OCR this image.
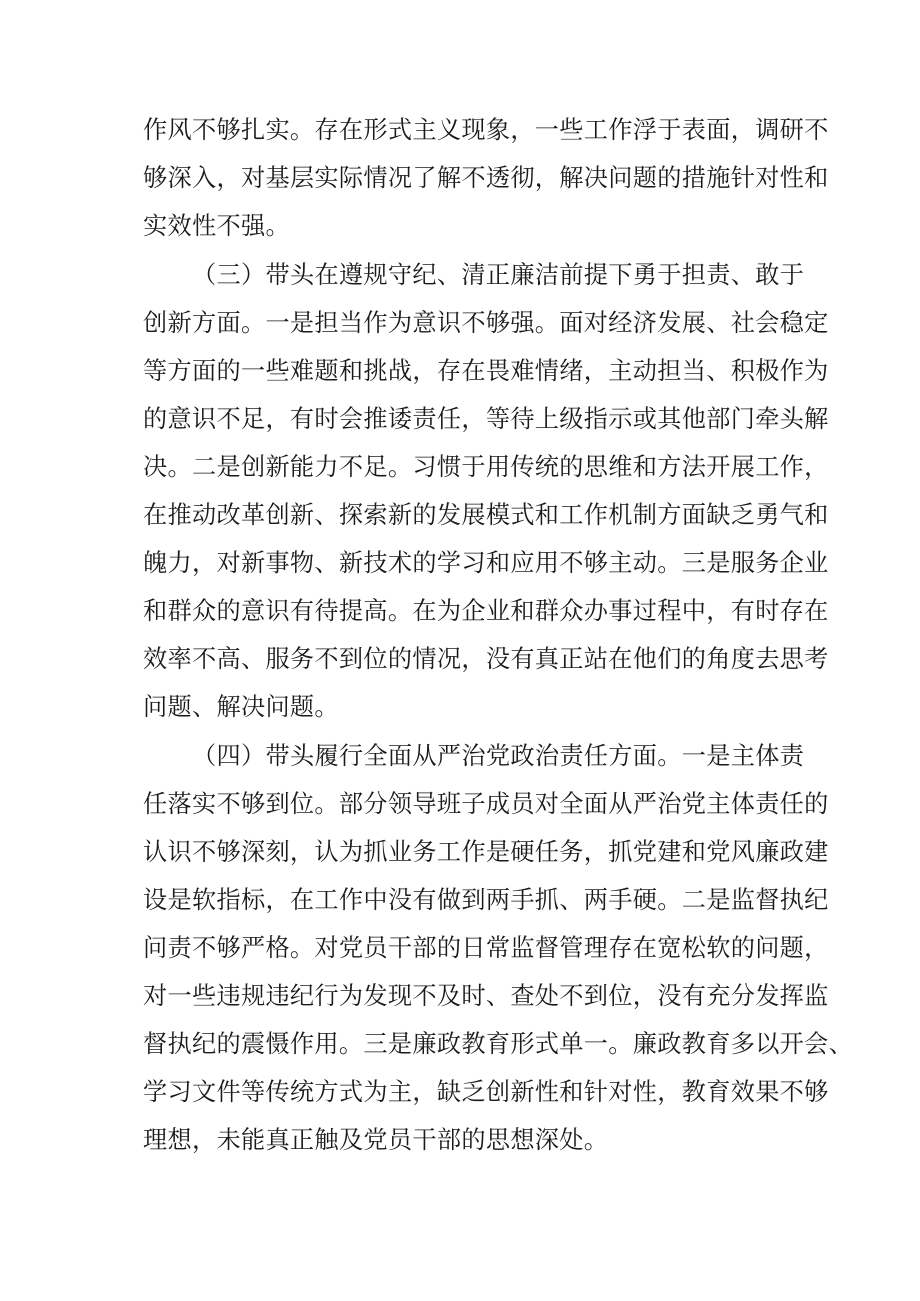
作风不够扎实。存在形式主义现象，一些工作浮于表面，调研不
够深入，对基层实际情况了解不透彻，解决问题的措施针对性和
实效性不强。
（三）带头在遵规守纪、清正廉洁前提下勇于担责、敢于
创新方面。一是担当作为意识不够强。面对经济发展、社会稳定
等方面的一些难题和挑战，存在畏难情绪，主动担当、积极作为
的意识不足，有时会推诿责任，等待上级指示或其他部门牵头解
决。二是创新能力不足。习惯于用传统的思维和方法开展工作，
在推动改革创新、探索新的发展模式和工作机制方面缺乏勇气和
魄力，对新事物、新技术的学习和应用不够主动。三是服务企业
和群众的意识有待提高。在为企业和群众办事过程中，有时存在
效率不高、服务不到位的情况，没有真正站在他们的角度去思考
问题、解决问题。
（四）带头履行全面从严治党政治责任方面。一是主体责
任落实不够到位。部分领导班子成员对全面从严治党主体责任的
认识不够深刻，认为抓业务工作是硬任务，抓党建和党风廉政建
设是软指标，在工作中没有做到两手抓、两手硬。二是监督执纪
问责不够严格。对党员干部的日常监督管理存在宽松软的问题，
对一些违规违纪行为发现不及时、查处不到位，没有充分发挥监
督执纪的震慑作用。三是廉政教育形式单一。廉政教育多以开会、
学习文件等传统方式为主，缺乏创新性和针对性，教育效果不够
理想，未能真正触及党员干部的思想深处。
